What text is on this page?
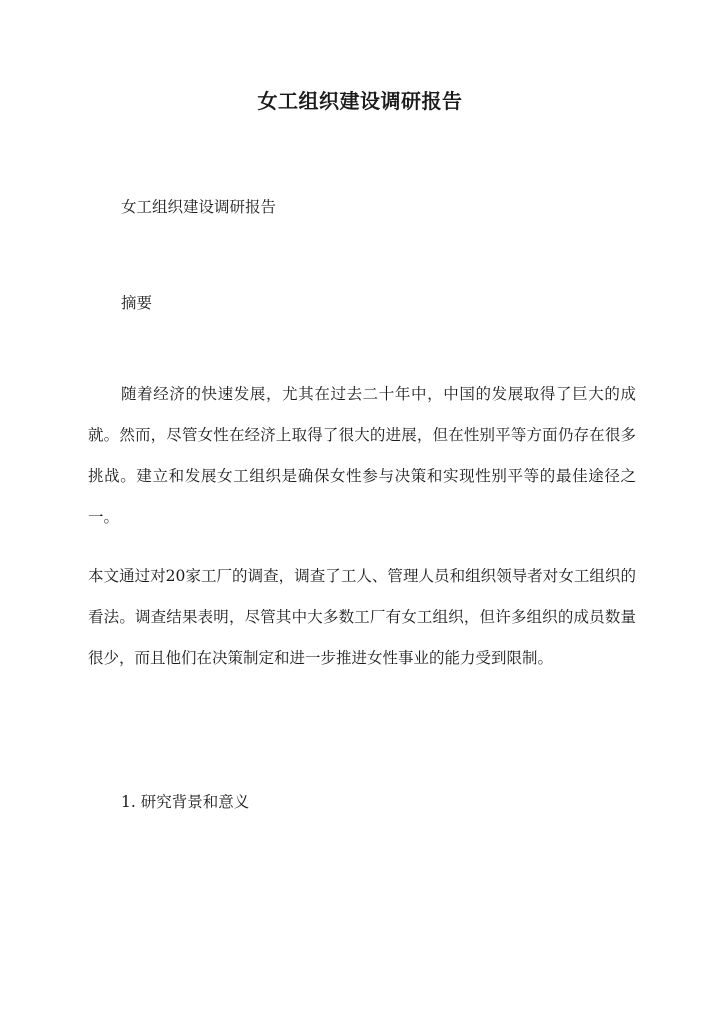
女工组织建设调研报告
女工组织建设调研报告
摘要
随着经济的快速发展，尤其在过去二十年中，中国的发展取得了巨大的成就。然而，尽管女性在经济上取得了很大的进展，但在性别平等方面仍存在很多挑战。建立和发展女工组织是确保女性参与决策和实现性别平等的最佳途径之一。
本文通过对20家工厂的调查，调查了工人、管理人员和组织领导者对女工组织的看法。调查结果表明，尽管其中大多数工厂有女工组织，但许多组织的成员数量很少，而且他们在决策制定和进一步推进女性事业的能力受到限制。
1. 研究背景和意义
